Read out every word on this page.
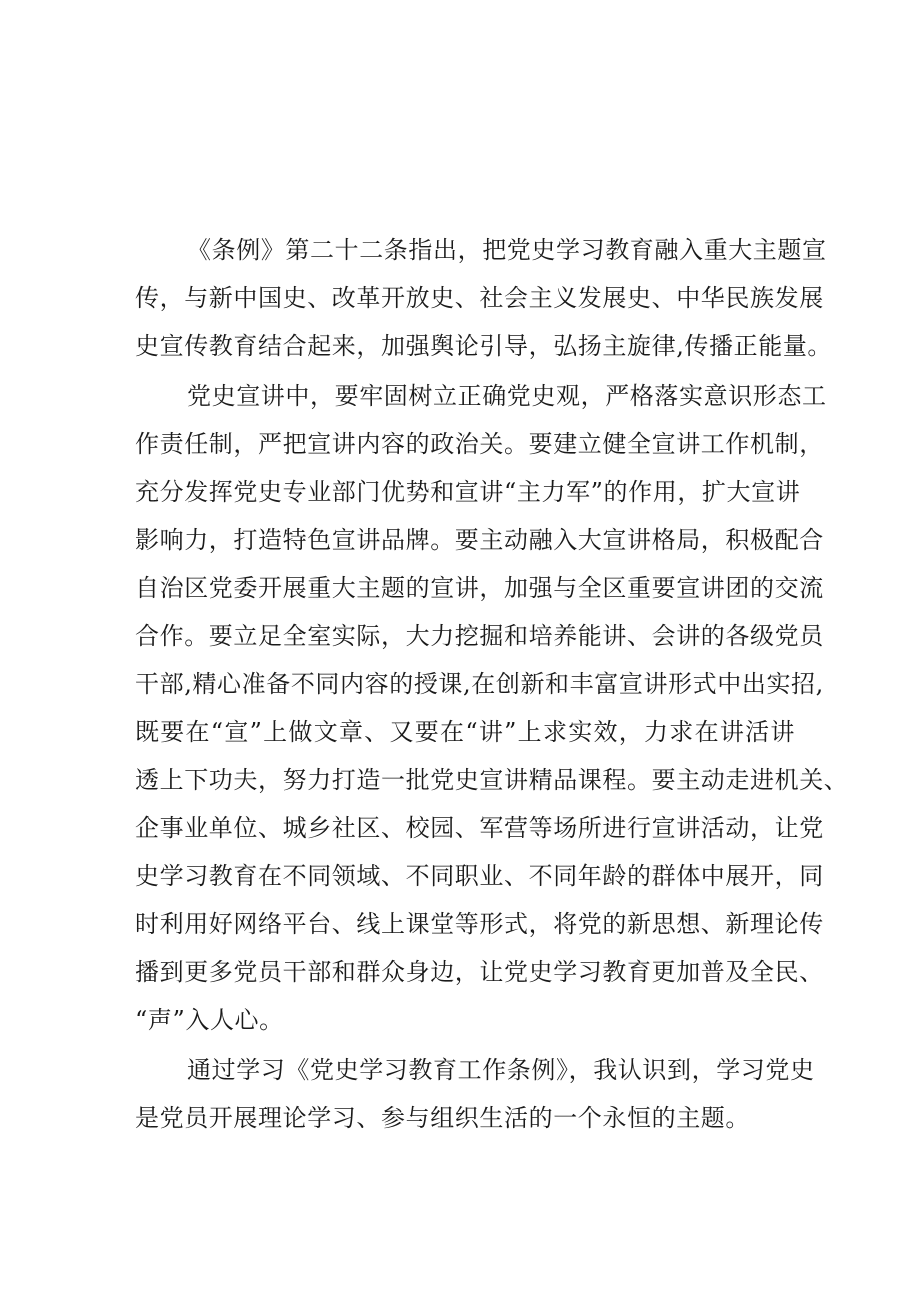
《条例》第二十二条指出，把党史学习教育融入重大主题宣
传，与新中国史、改革开放史、社会主义发展史、中华民族发展
史宣传教育结合起来，加强舆论引导，弘扬主旋律,传播正能量。
党史宣讲中，要牢固树立正确党史观，严格落实意识形态工
作责任制，严把宣讲内容的政治关。要建立健全宣讲工作机制，
充分发挥党史专业部门优势和宣讲“主力军”的作用，扩大宣讲
影响力，打造特色宣讲品牌。要主动融入大宣讲格局，积极配合
自治区党委开展重大主题的宣讲，加强与全区重要宣讲团的交流
合作。要立足全室实际，大力挖掘和培养能讲、会讲的各级党员
干部,精心准备不同内容的授课,在创新和丰富宣讲形式中出实招,
既要在“宣”上做文章、又要在“讲”上求实效，力求在讲活讲
透上下功夫，努力打造一批党史宣讲精品课程。要主动走进机关、
企事业单位、城乡社区、校园、军营等场所进行宣讲活动，让党
史学习教育在不同领域、不同职业、不同年龄的群体中展开，同
时利用好网络平台、线上课堂等形式，将党的新思想、新理论传
播到更多党员干部和群众身边，让党史学习教育更加普及全民、
“声”入人心。
通过学习《党史学习教育工作条例》，我认识到，学习党史
是党员开展理论学习、参与组织生活的一个永恒的主题。
